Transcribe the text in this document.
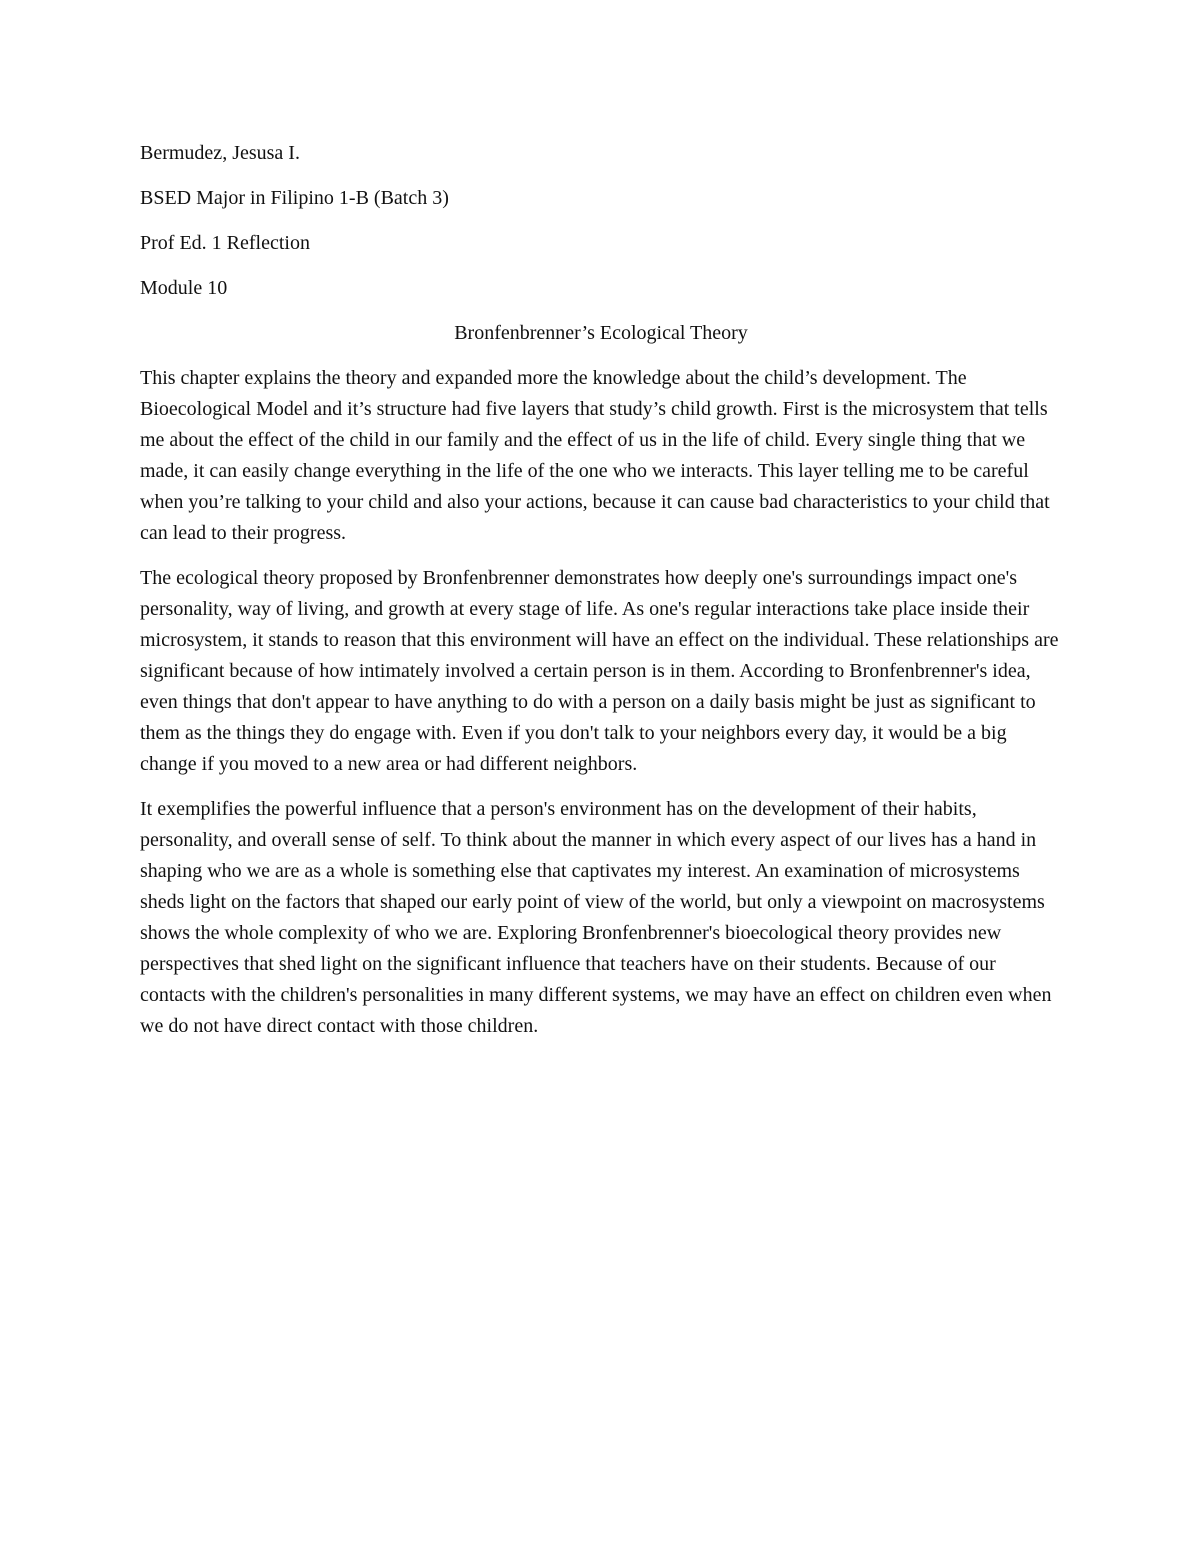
Bermudez, Jesusa I.

BSED Major in Filipino 1-B (Batch 3)

Prof Ed. 1 Reflection

Module 10

Bronfenbrenner’s Ecological Theory

This chapter explains the theory and expanded more the knowledge about the child’s development. The Bioecological Model and it’s structure had five layers that study’s child growth. First is the microsystem that tells me about the effect of the child in our family and the effect of us in the life of child. Every single thing that we made, it can easily change everything in the life of the one who we interacts. This layer telling me to be careful when you’re talking to your child and also your actions, because it can cause bad characteristics to your child that can lead to their progress.

The ecological theory proposed by Bronfenbrenner demonstrates how deeply one's surroundings impact one's personality, way of living, and growth at every stage of life. As one's regular interactions take place inside their microsystem, it stands to reason that this environment will have an effect on the individual. These relationships are significant because of how intimately involved a certain person is in them. According to Bronfenbrenner's idea, even things that don't appear to have anything to do with a person on a daily basis might be just as significant to them as the things they do engage with. Even if you don't talk to your neighbors every day, it would be a big change if you moved to a new area or had different neighbors.

It exemplifies the powerful influence that a person's environment has on the development of their habits, personality, and overall sense of self. To think about the manner in which every aspect of our lives has a hand in shaping who we are as a whole is something else that captivates my interest. An examination of microsystems sheds light on the factors that shaped our early point of view of the world, but only a viewpoint on macrosystems shows the whole complexity of who we are. Exploring Bronfenbrenner's bioecological theory provides new perspectives that shed light on the significant influence that teachers have on their students. Because of our contacts with the children's personalities in many different systems, we may have an effect on children even when we do not have direct contact with those children.
